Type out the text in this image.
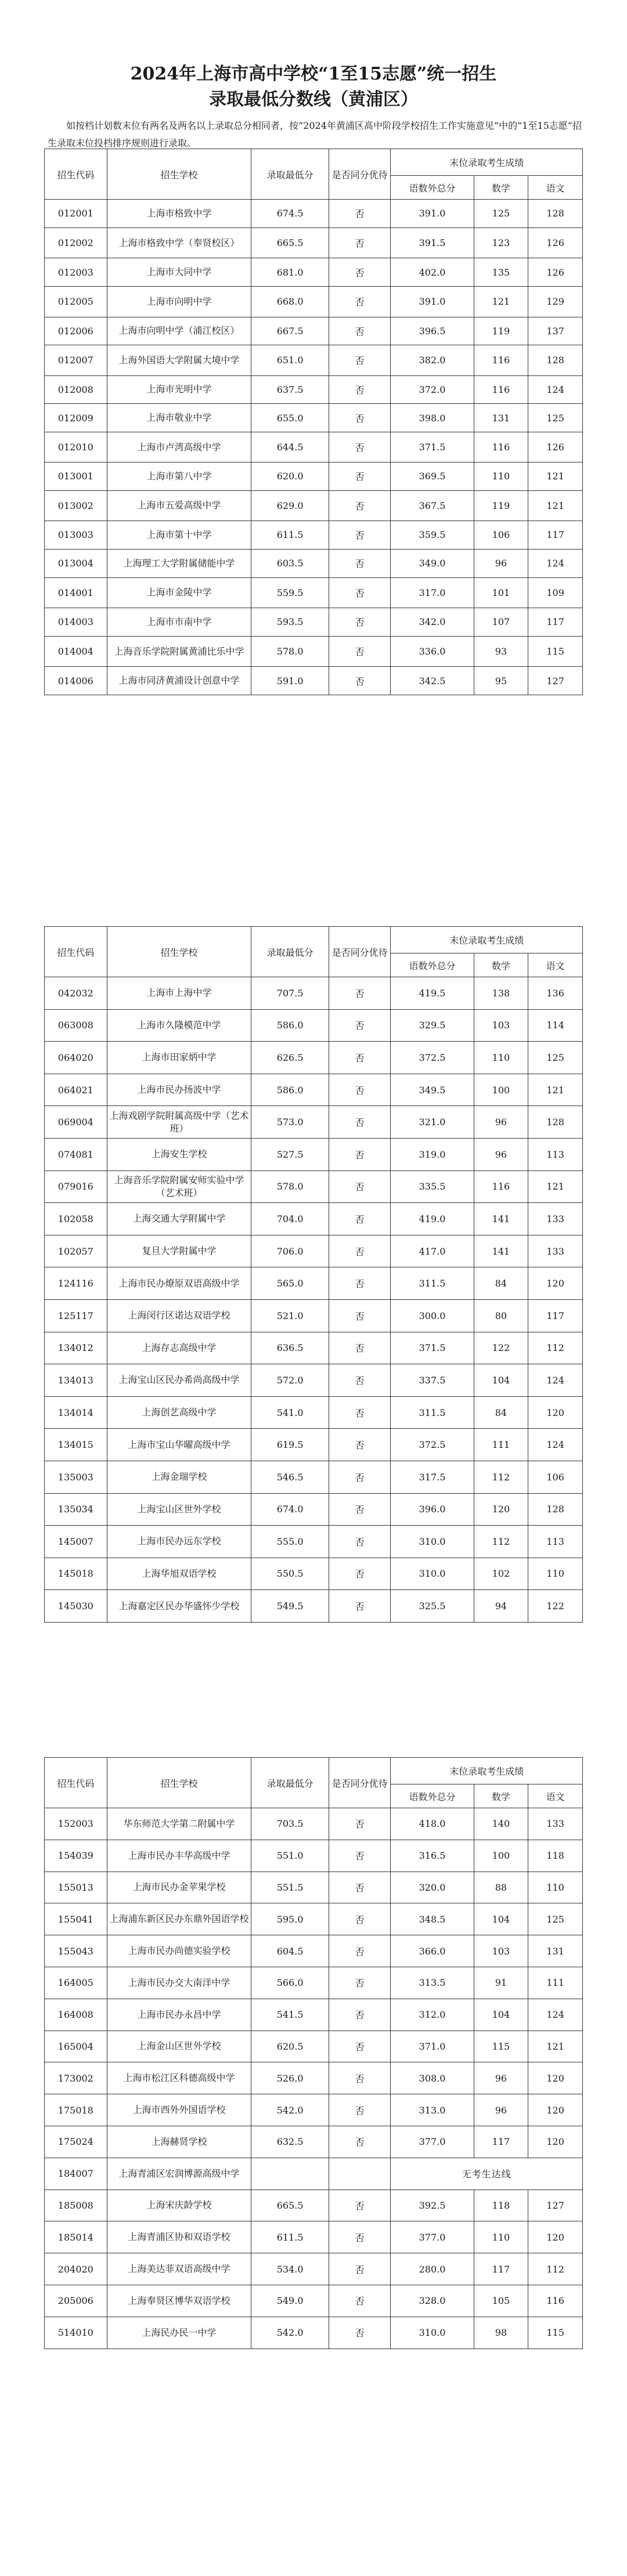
2024年上海市高中学校“1至15志愿”统一招生
录取最低分数线（黄浦区）
如按档计划数末位有两名及两名以上录取总分相同者，按“2024年黄浦区高中阶段学校招生工作实施意见”中的“1至15志愿”招生录取末位投档排序规则进行录取。
招生代码	招生学校	录取最低分	是否同分优待	末位录取考生成绩		
				语数外总分	数学	语文
012001	上海市格致中学	674.5	否	391.0	125	128
012002	上海市格致中学（奉贤校区）	665.5	否	391.5	123	126
012003	上海市大同中学	681.0	否	402.0	135	126
012005	上海市向明中学	668.0	否	391.0	121	129
012006	上海市向明中学（浦江校区）	667.5	否	396.5	119	137
012007	上海外国语大学附属大境中学	651.0	否	382.0	116	128
012008	上海市光明中学	637.5	否	372.0	116	124
012009	上海市敬业中学	655.0	否	398.0	131	125
012010	上海市卢湾高级中学	644.5	否	371.5	116	126
013001	上海市第八中学	620.0	否	369.5	110	121
013002	上海市五爱高级中学	629.0	否	367.5	119	121
013003	上海市第十中学	611.5	否	359.5	106	117
013004	上海理工大学附属储能中学	603.5	否	349.0	96	124
014001	上海市金陵中学	559.5	否	317.0	101	109
014003	上海市市南中学	593.5	否	342.0	107	117
014004	上海音乐学院附属黄浦比乐中学	578.0	否	336.0	93	115
014006	上海市同济黄浦设计创意中学	591.0	否	342.5	95	127
招生代码	招生学校	录取最低分	是否同分优待	末位录取考生成绩		
				语数外总分	数学	语文
042032	上海市上海中学	707.5	否	419.5	138	136
063008	上海市久隆模范中学	586.0	否	329.5	103	114
064020	上海市田家炳中学	626.5	否	372.5	110	125
064021	上海市民办扬波中学	586.0	否	349.5	100	121
069004	上海戏剧学院附属高级中学（艺术班）	573.0	否	321.0	96	128
074081	上海安生学校	527.5	否	319.0	96	113
079016	上海音乐学院附属安师实验中学（艺术班）	578.0	否	335.5	116	121
102058	上海交通大学附属中学	704.0	否	419.0	141	133
102057	复旦大学附属中学	706.0	否	417.0	141	133
124116	上海市民办燎原双语高级中学	565.0	否	311.5	84	120
125117	上海闵行区诺达双语学校	521.0	否	300.0	80	117
134012	上海存志高级中学	636.5	否	371.5	122	112
134013	上海宝山区民办希尚高级中学	572.0	否	337.5	104	124
134014	上海创艺高级中学	541.0	否	311.5	84	120
134015	上海市宝山华曜高级中学	619.5	否	372.5	111	124
135003	上海金瑞学校	546.5	否	317.5	112	106
135034	上海宝山区世外学校	674.0	否	396.0	120	128
145007	上海市民办远东学校	555.0	否	310.0	112	113
145018	上海华旭双语学校	550.5	否	310.0	102	110
145030	上海嘉定区民办华盛怀少学校	549.5	否	325.5	94	122
招生代码	招生学校	录取最低分	是否同分优待	末位录取考生成绩		
				语数外总分	数学	语文
152003	华东师范大学第二附属中学	703.5	否	418.0	140	133
154039	上海市民办丰华高级中学	551.0	否	316.5	100	118
155013	上海市民办金苹果学校	551.5	否	320.0	88	110
155041	上海浦东新区民办东鼎外国语学校	595.0	否	348.5	104	125
155043	上海市民办尚德实验学校	604.5	否	366.0	103	131
164005	上海市民办交大南洋中学	566.0	否	313.5	91	111
164008	上海市民办永昌中学	541.5	否	312.0	104	124
165004	上海金山区世外学校	620.5	否	371.0	115	121
173002	上海市松江区科德高级中学	526.0	否	308.0	96	120
175018	上海市西外外国语学校	542.0	否	313.0	96	120
175024	上海赫贤学校	632.5	否	377.0	117	120
184007	上海青浦区宏润博源高级中学			无考生达线		
185008	上海宋庆龄学校	665.5	否	392.5	118	127
185014	上海青浦区协和双语学校	611.5	否	377.0	110	120
204020	上海美达菲双语高级中学	534.0	否	280.0	117	112
205006	上海奉贤区博华双语学校	549.0	否	328.0	105	116
514010	上海民办民一中学	542.0	否	310.0	98	115
